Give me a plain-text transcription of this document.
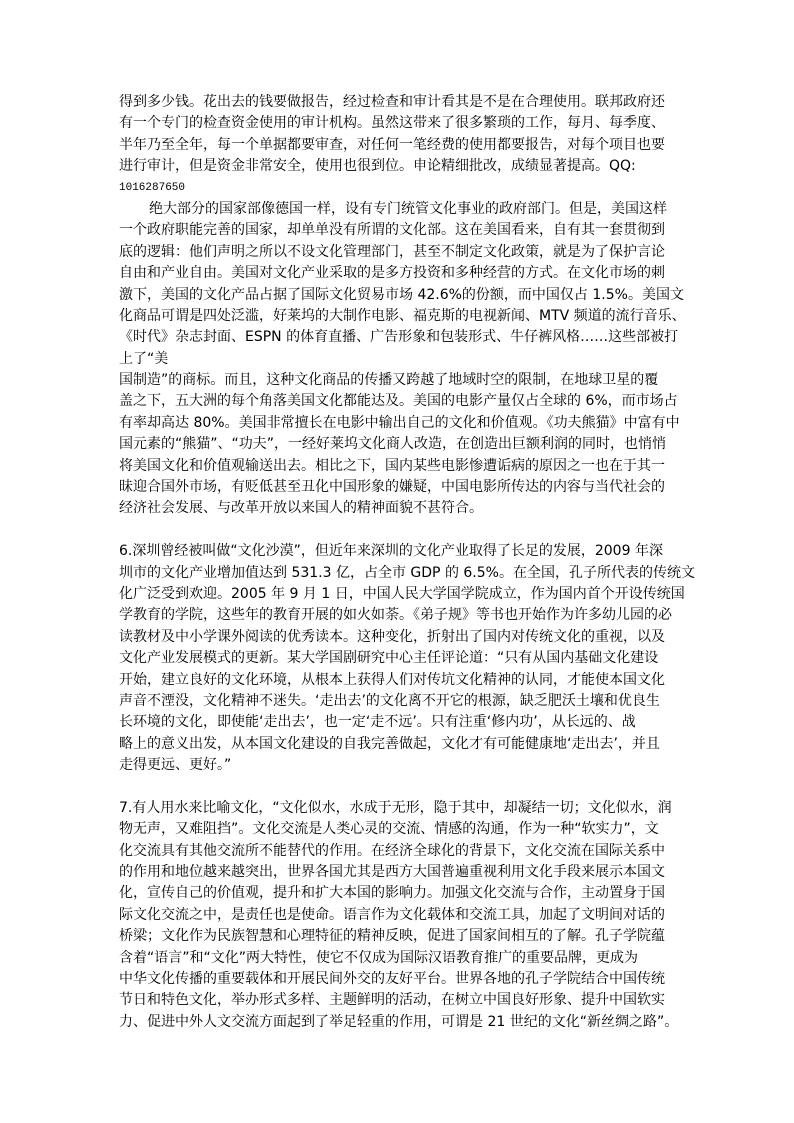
得到多少钱。花出去的钱要做报告，经过检查和审计看其是不是在合理使用。联邦政府还
有一个专门的检查资金使用的审计机构。虽然这带来了很多繁琐的工作，每月、每季度、
半年乃至全年，每一个单据都要审查，对任何一笔经费的使用都要报告，对每个项目也要
进行审计，但是资金非常安全，使用也很到位。申论精细批改，成绩显著提高。QQ:
1016287650
绝大部分的国家部像德国一样，设有专门统管文化事业的政府部门。但是，美国这样
一个政府职能完善的国家，却单单没有所谓的文化部。这在美国看来，自有其一套贯彻到
底的逻辑：他们声明之所以不设文化管理部门，甚至不制定文化政策，就是为了保护言论
自由和产业自由。美国对文化产业采取的是多方投资和多种经营的方式。在文化市场的刺
激下，美国的文化产品占据了国际文化贸易市场 42.6%的份额，而中国仅占 1.5%。美国文
化商品可谓是四处泛滥，好莱坞的大制作电影、福克斯的电视新闻、MTV 频道的流行音乐、
《时代》杂志封面、ESPN 的体育直播、广告形象和包装形式、牛仔裤风格……这些部被打
上了“美
国制造”的商标。而且，这种文化商品的传播又跨越了地域时空的限制，在地球卫星的覆
盖之下，五大洲的每个角落美国文化都能达及。美国的电影产量仅占全球的 6%，而市场占
有率却高达 80%。美国非常擅长在电影中输出自己的文化和价值观。《功夫熊猫》中富有中
国元素的“熊猫”、“功夫”，一经好莱坞文化商人改造，在创造出巨额利润的同时，也悄悄
将美国文化和价值观输送出去。相比之下，国内某些电影惨遭诟病的原因之一也在于其一
昧迎合国外市场，有贬低甚至丑化中国形象的嫌疑，中国电影所传达的内容与当代社会的
经济社会发展、与改革开放以来国人的精神面貌不甚符合。
6.深圳曾经被叫做“文化沙漠”，但近年来深圳的文化产业取得了长足的发展，2009 年深
圳市的文化产业增加值达到 531.3 亿，占全市 GDP 的 6.5%。在全国，孔子所代表的传统文
化广泛受到欢迎。2005 年 9 月 1 日，中国人民大学国学院成立，作为国内首个开设传统国
学教育的学院，这些年的教育开展的如火如荼。《弟子规》等书也开始作为许多幼儿园的必
读教材及中小学课外阅读的优秀读本。这种变化，折射出了国内对传统文化的重视，以及
文化产业发展模式的更新。某大学国剧研究中心主任评论道：“只有从国内基础文化建设
开始，建立良好的文化环境，从根本上获得人们对传坑文化精神的认同，才能使本国文化
声音不湮没，文化精神不迷失。‘走出去’的文化离不开它的根源，缺乏肥沃土壤和优良生
长环境的文化，即使能‘走出去’，也一定‘走不远’。只有注重‘修内功’，从长远的、战
略上的意义出发，从本国文化建设的自我完善做起，文化才有可能健康地‘走出去’，并且
走得更远、更好。”
7.有人用水来比喻文化，“文化似水，水成于无形，隐于其中，却凝结一切；文化似水，润
物无声，又难阻挡”。文化交流是人类心灵的交流、情感的沟通，作为一种“软实力”，文
化交流具有其他交流所不能替代的作用。在经济全球化的背景下，文化交流在国际关系中
的作用和地位越来越突出，世界各国尤其是西方大国普遍重视利用文化手段来展示本国文
化，宣传自己的价值观，提升和扩大本国的影响力。加强文化交流与合作，主动置身于国
际文化交流之中，是责任也是使命。语言作为文化载体和交流工具，加起了文明间对话的
桥梁；文化作为民族智慧和心理特征的精神反映，促进了国家间相互的了解。孔子学院蕴
含着“语言”和“文化”两大特性，使它不仅成为国际汉语教育推广的重要品牌，更成为
中华文化传播的重要载体和开展民间外交的友好平台。世界各地的孔子学院结合中国传统
节日和特色文化，举办形式多样、主题鲜明的活动，在树立中国良好形象、提升中国软实
力、促进中外人文交流方面起到了举足轻重的作用，可谓是 21 世纪的文化“新丝绸之路”。
